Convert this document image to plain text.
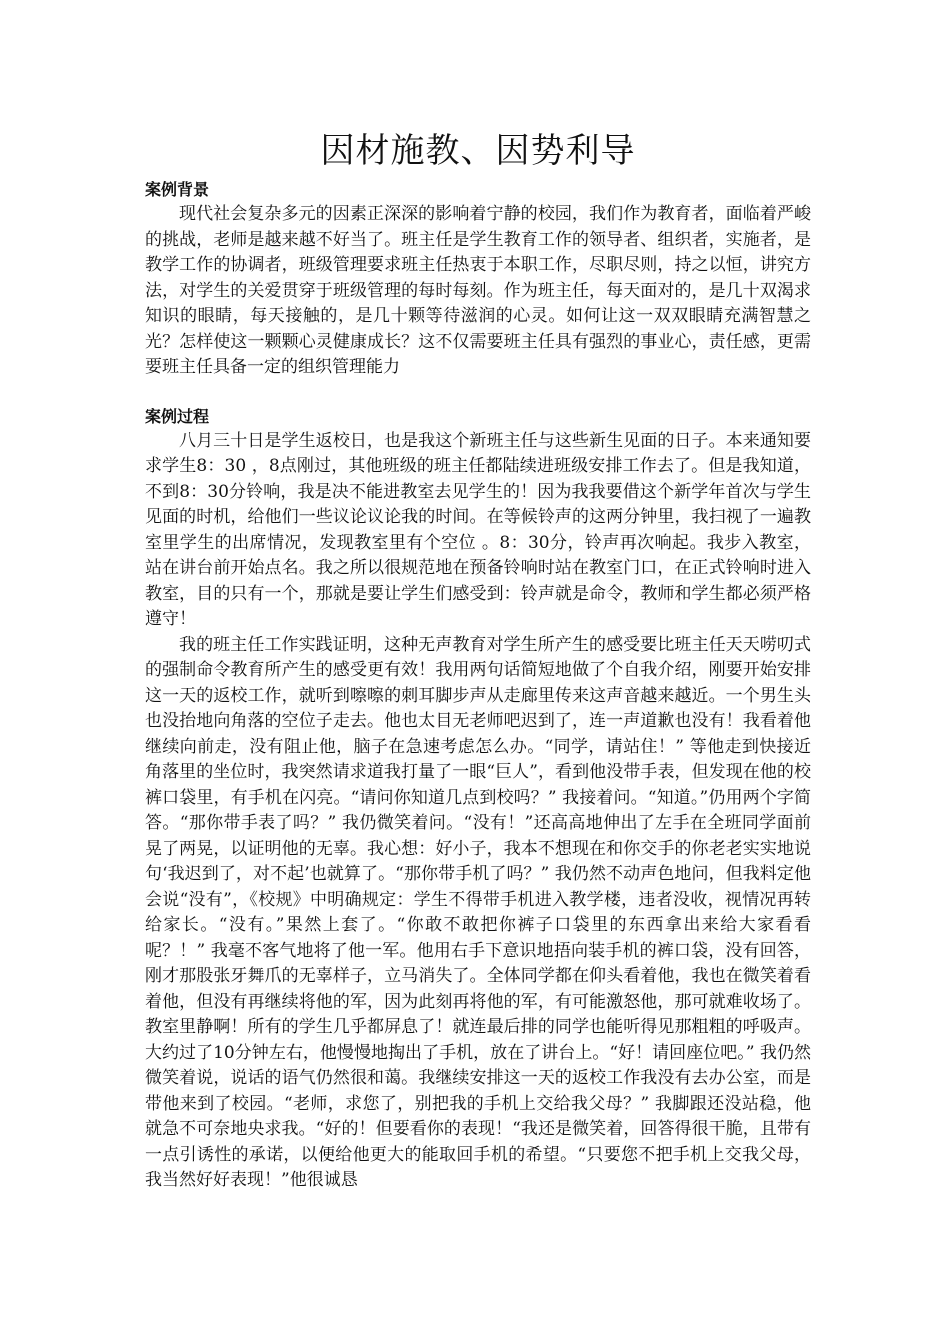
因材施教、因势利导

案例背景

现代社会复杂多元的因素正深深的影响着宁静的校园，我们作为教育者，面临着严峻的挑战，老师是越来越不好当了。班主任是学生教育工作的领导者、组织者，实施者，是教学工作的协调者，班级管理要求班主任热衷于本职工作，尽职尽则，持之以恒，讲究方法，对学生的关爱贯穿于班级管理的每时每刻。作为班主任，每天面对的，是几十双渴求知识的眼睛，每天接触的，是几十颗等待滋润的心灵。如何让这一双双眼睛充满智慧之光？怎样使这一颗颗心灵健康成长？这不仅需要班主任具有强烈的事业心，责任感，更需要班主任具备一定的组织管理能力

案例过程

八月三十日是学生返校日，也是我这个新班主任与这些新生见面的日子。本来通知要求学生8：30 ，8点刚过，其他班级的班主任都陆续进班级安排工作去了。但是我知道，不到8：30分铃响，我是决不能进教室去见学生的！因为我我要借这个新学年首次与学生见面的时机，给他们一些议论议论我的时间。在等候铃声的这两分钟里，我扫视了一遍教室里学生的出席情况，发现教室里有个空位 。8：30分，铃声再次响起。我步入教室，站在讲台前开始点名。我之所以很规范地在预备铃响时站在教室门口，在正式铃响时进入教室，目的只有一个，那就是要让学生们感受到：铃声就是命令，教师和学生都必须严格遵守！

我的班主任工作实践证明，这种无声教育对学生所产生的感受要比班主任天天唠叨式的强制命令教育所产生的感受更有效！我用两句话简短地做了个自我介绍，刚要开始安排这一天的返校工作，就听到嚓嚓的刺耳脚步声从走廊里传来这声音越来越近。一个男生头也没抬地向角落的空位子走去。他也太目无老师吧迟到了，连一声道歉也没有！我看着他继续向前走，没有阻止他，脑子在急速考虑怎么办。“同学，请站住！” 等他走到快接近角落里的坐位时，我突然请求道我打量了一眼“巨人”，看到他没带手表，但发现在他的校裤口袋里，有手机在闪亮。“请问你知道几点到校吗？” 我接着问。“知道。”仍用两个字简答。“那你带手表了吗？” 我仍微笑着问。“没有！”还高高地伸出了左手在全班同学面前晃了两晃，以证明他的无辜。我心想：好小子，我本不想现在和你交手的你老老实实地说句‘我迟到了，对不起’也就算了。“那你带手机了吗？” 我仍然不动声色地问，但我料定他会说“没有”，《校规》中明确规定：学生不得带手机进入教学楼，违者没收，视情况再转给家长。“没有。”果然上套了。“你敢不敢把你裤子口袋里的东西拿出来给大家看看呢？！” 我毫不客气地将了他一军。他用右手下意识地捂向装手机的裤口袋，没有回答，刚才那股张牙舞爪的无辜样子，立马消失了。全体同学都在仰头看着他，我也在微笑着看着他，但没有再继续将他的军，因为此刻再将他的军，有可能激怒他，那可就难收场了。教室里静啊！所有的学生几乎都屏息了！就连最后排的同学也能听得见那粗粗的呼吸声。大约过了10分钟左右，他慢慢地掏出了手机，放在了讲台上。“好！请回座位吧。” 我仍然微笑着说，说话的语气仍然很和蔼。我继续安排这一天的返校工作我没有去办公室，而是带他来到了校园。“老师，求您了，别把我的手机上交给我父母？” 我脚跟还没站稳，他就急不可奈地央求我。“好的！但要看你的表现！“我还是微笑着，回答得很干脆，且带有一点引诱性的承诺，以便给他更大的能取回手机的希望。“只要您不把手机上交我父母，我当然好好表现！”他很诚恳
